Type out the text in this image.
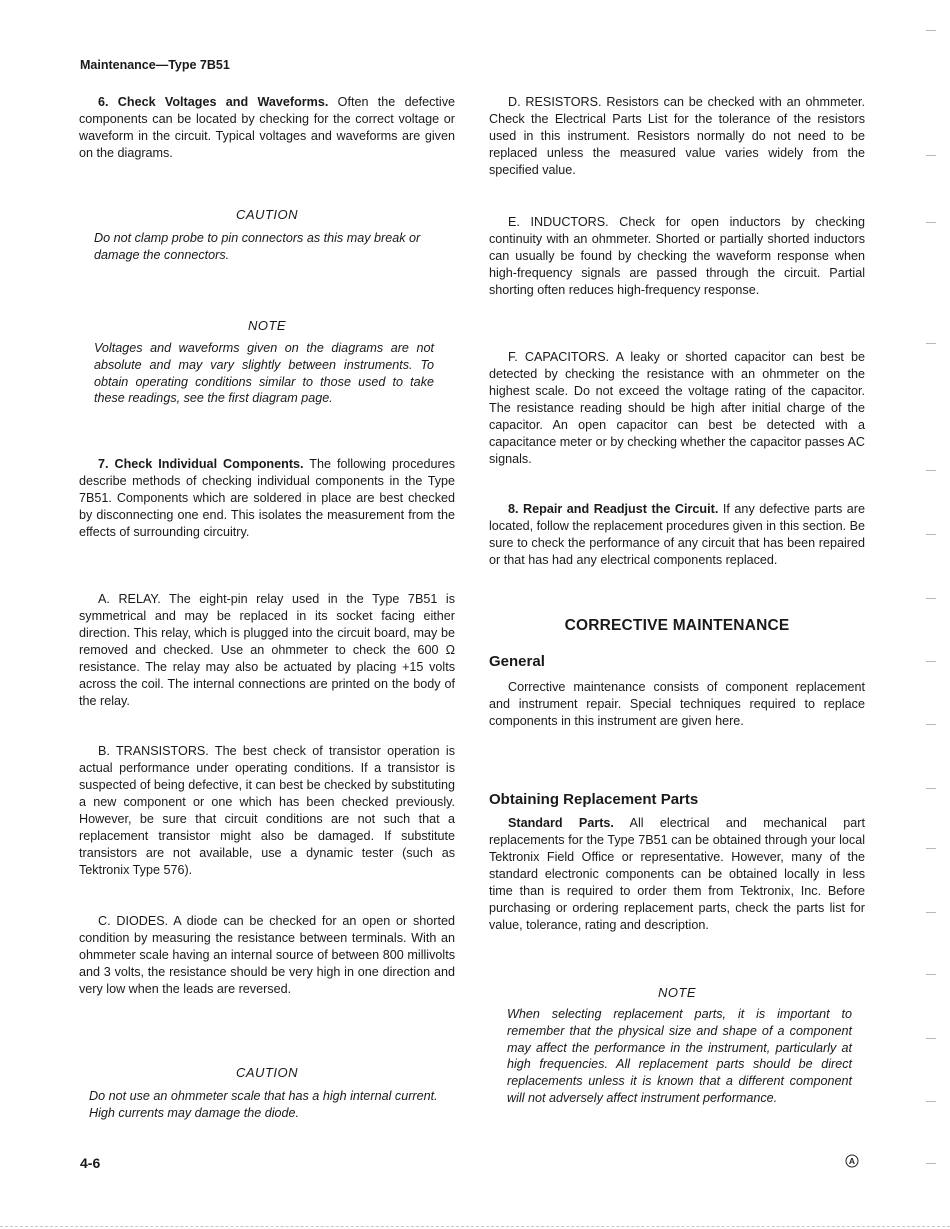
Maintenance—Type 7B51

6. Check Voltages and Waveforms. Often the defective components can be located by checking for the correct voltage or waveform in the circuit. Typical voltages and waveforms are given on the diagrams.

CAUTION

Do not clamp probe to pin connectors as this may break or damage the connectors.

NOTE

Voltages and waveforms given on the diagrams are not absolute and may vary slightly between instruments. To obtain operating conditions similar to those used to take these readings, see the first diagram page.

7. Check Individual Components. The following procedures describe methods of checking individual components in the Type 7B51. Components which are soldered in place are best checked by disconnecting one end. This isolates the measurement from the effects of surrounding circuitry.

A. RELAY. The eight-pin relay used in the Type 7B51 is symmetrical and may be replaced in its socket facing either direction. This relay, which is plugged into the circuit board, may be removed and checked. Use an ohmmeter to check the 600 Ω resistance. The relay may also be actuated by placing +15 volts across the coil. The internal connections are printed on the body of the relay.

B. TRANSISTORS. The best check of transistor operation is actual performance under operating conditions. If a transistor is suspected of being defective, it can best be checked by substituting a new component or one which has been checked previously. However, be sure that circuit conditions are not such that a replacement transistor might also be damaged. If substitute transistors are not available, use a dynamic tester (such as Tektronix Type 576).

C. DIODES. A diode can be checked for an open or shorted condition by measuring the resistance between terminals. With an ohmmeter scale having an internal source of between 800 millivolts and 3 volts, the resistance should be very high in one direction and very low when the leads are reversed.

CAUTION

Do not use an ohmmeter scale that has a high internal current. High currents may damage the diode.

D. RESISTORS. Resistors can be checked with an ohmmeter. Check the Electrical Parts List for the tolerance of the resistors used in this instrument. Resistors normally do not need to be replaced unless the measured value varies widely from the specified value.

E. INDUCTORS. Check for open inductors by checking continuity with an ohmmeter. Shorted or partially shorted inductors can usually be found by checking the waveform response when high-frequency signals are passed through the circuit. Partial shorting often reduces high-frequency response.

F. CAPACITORS. A leaky or shorted capacitor can best be detected by checking the resistance with an ohmmeter on the highest scale. Do not exceed the voltage rating of the capacitor. The resistance reading should be high after initial charge of the capacitor. An open capacitor can best be detected with a capacitance meter or by checking whether the capacitor passes AC signals.

8. Repair and Readjust the Circuit. If any defective parts are located, follow the replacement procedures given in this section. Be sure to check the performance of any circuit that has been repaired or that has had any electrical components replaced.

Corrective maintenance consists of component replacement and instrument repair. Special techniques required to replace components in this instrument are given here.

Standard Parts. All electrical and mechanical part replacements for the Type 7B51 can be obtained through your local Tektronix Field Office or representative. However, many of the standard electronic components can be obtained locally in less time than is required to order them from Tektronix, Inc. Before purchasing or ordering replacement parts, check the parts list for value, tolerance, rating and description.

NOTE

When selecting replacement parts, it is important to remember that the physical size and shape of a component may affect the performance in the instrument, particularly at high frequencies. All replacement parts should be direct replacements unless it is known that a different component will not adversely affect instrument performance.

CORRECTIVE MAINTENANCE
General
Obtaining Replacement Parts
4-6	A
